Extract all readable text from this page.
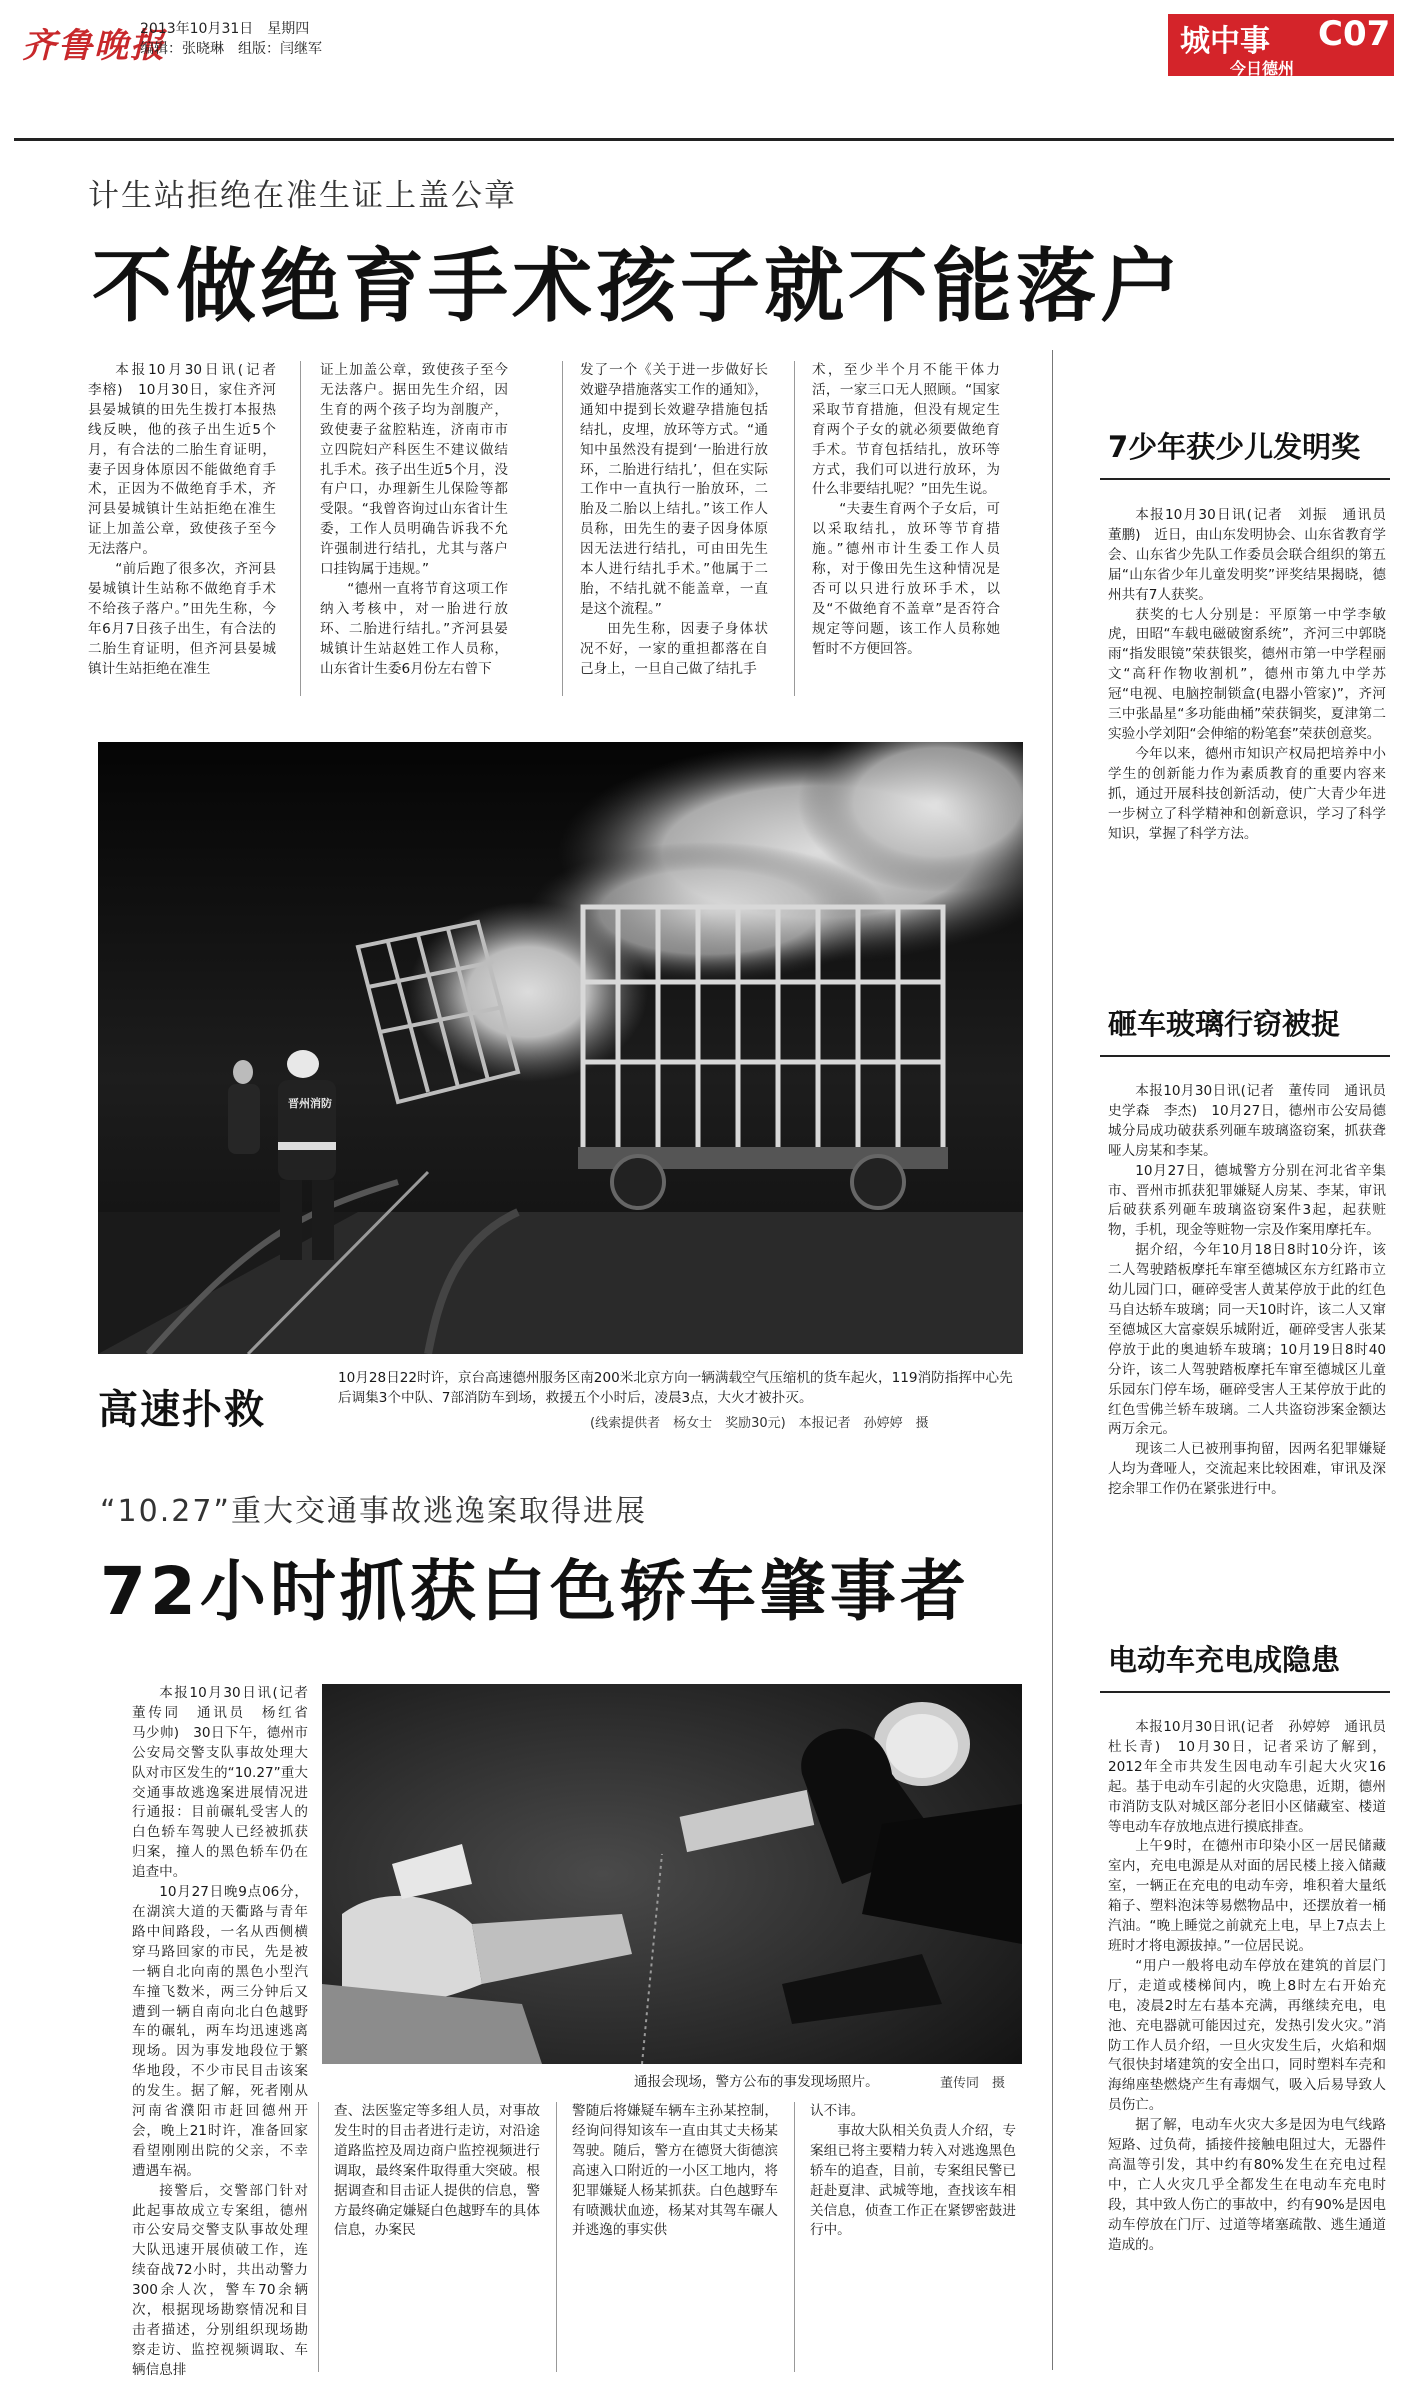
齐鲁晚报
2013年10月31日　星期四
编辑：张晓琳　组版：闫继军	城中事 C07
今日德州
计生站拒绝在准生证上盖公章
不做绝育手术孩子就不能落户

本报10月30日讯(记者　李榕)　10月30日，家住齐河县晏城镇的田先生拨打本报热线反映，他的孩子出生近5个月，有合法的二胎生育证明，妻子因身体原因不能做绝育手术，正因为不做绝育手术，齐河县晏城镇计生站拒绝在准生证上加盖公章，致使孩子至今无法落户。

“前后跑了很多次，齐河县晏城镇计生站称不做绝育手术不给孩子落户。”田先生称，今年6月7日孩子出生，有合法的二胎生育证明，但齐河县晏城镇计生站拒绝在准生

证上加盖公章，致使孩子至今无法落户。据田先生介绍，因生育的两个孩子均为剖腹产，致使妻子盆腔粘连，济南市市立四院妇产科医生不建议做结扎手术。孩子出生近5个月，没有户口，办理新生儿保险等都受限。“我曾咨询过山东省计生委，工作人员明确告诉我不允许强制进行结扎，尤其与落户口挂钩属于违规。”

“德州一直将节育这项工作纳入考核中，对一胎进行放环、二胎进行结扎。”齐河县晏城镇计生站赵姓工作人员称，山东省计生委6月份左右曾下

发了一个《关于进一步做好长效避孕措施落实工作的通知》，通知中提到长效避孕措施包括结扎，皮埋，放环等方式。“通知中虽然没有提到‘一胎进行放环，二胎进行结扎’，但在实际工作中一直执行一胎放环，二胎及二胎以上结扎。”该工作人员称，田先生的妻子因身体原因无法进行结扎，可由田先生本人进行结扎手术。”他属于二胎，不结扎就不能盖章，一直是这个流程。”

田先生称，因妻子身体状况不好，一家的重担都落在自己身上，一旦自己做了结扎手

术，至少半个月不能干体力活，一家三口无人照顾。“国家采取节育措施，但没有规定生育两个子女的就必须要做绝育手术。节育包括结扎，放环等方式，我们可以进行放环，为什么非要结扎呢？”田先生说。

“夫妻生育两个子女后，可以采取结扎，放环等节育措施。”德州市计生委工作人员称，对于像田先生这种情况是否可以只进行放环手术，以及“不做绝育不盖章”是否符合规定等问题，该工作人员称她暂时不方便回答。

晋州消防
高速扑救
10月28日22时许，京台高速德州服务区南200米北京方向一辆满载空气压缩机的货车起火，119消防指挥中心先后调集3个中队、7部消防车到场，救援五个小时后，凌晨3点，大火才被扑灭。
(线索提供者　杨女士　奖励30元)　本报记者　孙婷婷　摄
“10.27”重大交通事故逃逸案取得进展
72小时抓获白色轿车肇事者

本报10月30日讯(记者　董传同　通讯员　杨红省　马少帅)　30日下午，德州市公安局交警支队事故处理大队对市区发生的“10.27”重大交通事故逃逸案进展情况进行通报：目前碾轧受害人的白色轿车驾驶人已经被抓获归案，撞人的黑色轿车仍在追查中。

10月27日晚9点06分，在湖滨大道的天衢路与青年路中间路段，一名从西侧横穿马路回家的市民，先是被一辆自北向南的黑色小型汽车撞飞数米，两三分钟后又遭到一辆自南向北白色越野车的碾轧，两车均迅速逃离现场。因为事发地段位于繁华地段，不少市民目击该案的发生。据了解，死者刚从河南省濮阳市赶回德州开会，晚上21时许，准备回家看望刚刚出院的父亲，不幸遭遇车祸。

接警后，交警部门针对此起事故成立专案组，德州市公安局交警支队事故处理大队迅速开展侦破工作，连续奋战72小时，共出动警力300余人次，警车70余辆次，根据现场勘察情况和目击者描述，分别组织现场勘察走访、监控视频调取、车辆信息排

通报会现场，警方公布的事发现场照片。	董传同　摄

查、法医鉴定等多组人员，对事故发生时的目击者进行走访，对沿途道路监控及周边商户监控视频进行调取，最终案件取得重大突破。根据调查和目击证人提供的信息，警方最终确定嫌疑白色越野车的具体信息，办案民

警随后将嫌疑车辆车主孙某控制，经询问得知该车一直由其丈夫杨某驾驶。随后，警方在德贤大街德滨高速入口附近的一小区工地内，将犯罪嫌疑人杨某抓获。白色越野车有喷溅状血迹，杨某对其驾车碾人并逃逸的事实供

认不讳。

事故大队相关负责人介绍，专案组已将主要精力转入对逃逸黑色轿车的追查，目前，专案组民警已赶赴夏津、武城等地，查找该车相关信息，侦查工作正在紧锣密鼓进行中。

7少年获少儿发明奖

本报10月30日讯(记者　刘振　通讯员　董鹏)　近日，由山东发明协会、山东省教育学会、山东省少先队工作委员会联合组织的第五届“山东省少年儿童发明奖”评奖结果揭晓，德州共有7人获奖。

获奖的七人分别是：平原第一中学李敏虎，田昭“车载电磁破窗系统”，齐河三中郭晓雨“指发眼镜”荣获银奖，德州市第一中学程丽文“高秆作物收割机”，德州市第九中学苏冠“电视、电脑控制锁盒(电器小管家)”，齐河三中张晶星“多功能曲桶”荣获铜奖，夏津第二实验小学刘阳“会伸缩的粉笔套”荣获创意奖。

今年以来，德州市知识产权局把培养中小学生的创新能力作为素质教育的重要内容来抓，通过开展科技创新活动，使广大青少年进一步树立了科学精神和创新意识，学习了科学知识，掌握了科学方法。

砸车玻璃行窃被捉

本报10月30日讯(记者　董传同　通讯员　史学森　李杰)　10月27日，德州市公安局德城分局成功破获系列砸车玻璃盗窃案，抓获聋哑人房某和李某。

10月27日，德城警方分别在河北省辛集市、晋州市抓获犯罪嫌疑人房某、李某，审讯后破获系列砸车玻璃盗窃案件3起，起获赃物，手机，现金等赃物一宗及作案用摩托车。

据介绍，今年10月18日8时10分许，该二人驾驶踏板摩托车窜至德城区东方红路市立幼儿园门口，砸碎受害人黄某停放于此的红色马自达轿车玻璃；同一天10时许，该二人又窜至德城区大富豪娱乐城附近，砸碎受害人张某停放于此的奥迪轿车玻璃；10月19日8时40分许，该二人驾驶踏板摩托车窜至德城区儿童乐园东门停车场，砸碎受害人王某停放于此的红色雪佛兰轿车玻璃。二人共盗窃涉案金额达两万余元。

现该二人已被刑事拘留，因两名犯罪嫌疑人均为聋哑人，交流起来比较困难，审讯及深挖余罪工作仍在紧张进行中。

电动车充电成隐患

本报10月30日讯(记者　孙婷婷　通讯员　杜长青)　10月30日，记者采访了解到，2012年全市共发生因电动车引起大火灾16起。基于电动车引起的火灾隐患，近期，德州市消防支队对城区部分老旧小区储藏室、楼道等电动车存放地点进行摸底排查。

上午9时，在德州市印染小区一居民储藏室内，充电电源是从对面的居民楼上接入储藏室，一辆正在充电的电动车旁，堆积着大量纸箱子、塑料泡沫等易燃物品中，还摆放着一桶汽油。“晚上睡觉之前就充上电，早上7点去上班时才将电源拔掉。”一位居民说。

“用户一般将电动车停放在建筑的首层门厅，走道或楼梯间内，晚上8时左右开始充电，凌晨2时左右基本充满，再继续充电，电池、充电器就可能因过充，发热引发火灾。”消防工作人员介绍，一旦火灾发生后，火焰和烟气很快封堵建筑的安全出口，同时塑料车壳和海绵座垫燃烧产生有毒烟气，吸入后易导致人员伤亡。

据了解，电动车火灾大多是因为电气线路短路、过负荷，插接件接触电阻过大，无器件高温等引发，其中约有80%发生在充电过程中，亡人火灾几乎全都发生在电动车充电时段，其中致人伤亡的事故中，约有90%是因电动车停放在门厅、过道等堵塞疏散、逃生通道造成的。
